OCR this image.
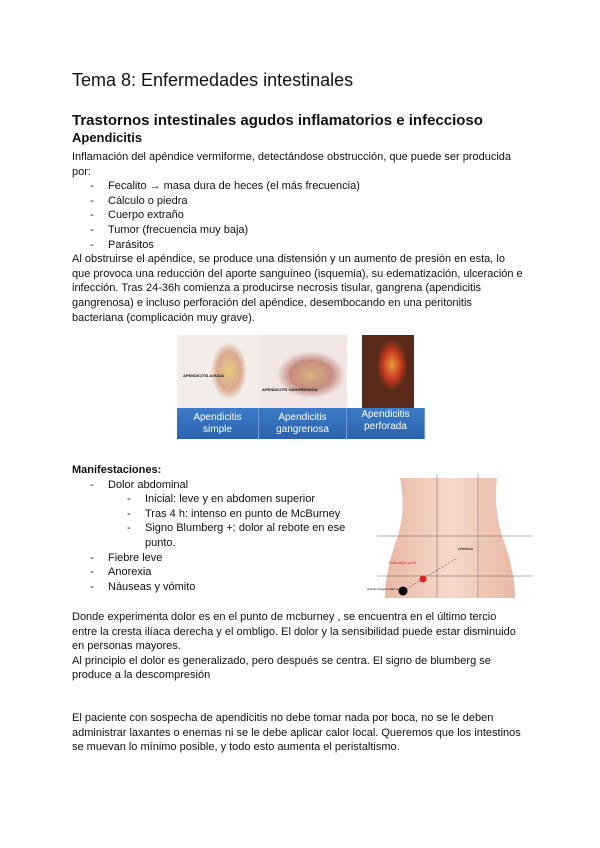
Tema 8: Enfermedades intestinales
Trastornos intestinales agudos inflamatorios e infeccioso
Apendicitis
Inflamación del apéndice vermiforme, detectándose obstrucción, que puede ser producida
por:
- Fecalito → masa dura de heces (el más frecuencia)
- Cálculo o piedra
- Cuerpo extraño
- Tumor (frecuencia muy baja)
- Parásitos
Al obstruirse el apéndice, se produce una distensión y un aumento de presión en esta, lo
que provoca una reducción del aporte sanguíneo (isquemia), su edematización, ulceración e
infección. Tras 24-36h comienza a producirse necrosis tisular, gangrena (apendicitis
gangrenosa) e incluso perforación del apéndice, desembocando en una peritonitis
bacteriana (complicación muy grave).
APENDICITIS AGUDA
APENDICITIS GANGRENOSA
Apendicitis
simple
Apendicitis
gangrenosa
Apendicitis
perforada
Manifestaciones:
- Dolor abdominal
- Inicial: leve y en abdomen superior
- Tras 4 h: intenso en punto de McBurney
- Signo Blumberg +: dolor al rebote en ese
punto.
- Fiebre leve
- Anorexia
- Náuseas y vómito
Umbilicus
McBurney's point
anterior superior iliac spine
Donde experimenta dolor es en el punto de mcburney , se encuentra en el último tercio
entre la cresta ilíaca derecha y el ombligo. El dolor y la sensibilidad puede estar disminuido
en personas mayores.
Al principio el dolor es generalizado, pero después se centra. El signo de blumberg se
produce a la descompresión
El paciente con sospecha de apendicitis no debe tomar nada por boca, no se le deben
administrar laxantes o enemas ni se le debe aplicar calor local. Queremos que los intestinos
se muevan lo mínimo posible, y todo esto aumenta el peristaltismo.
